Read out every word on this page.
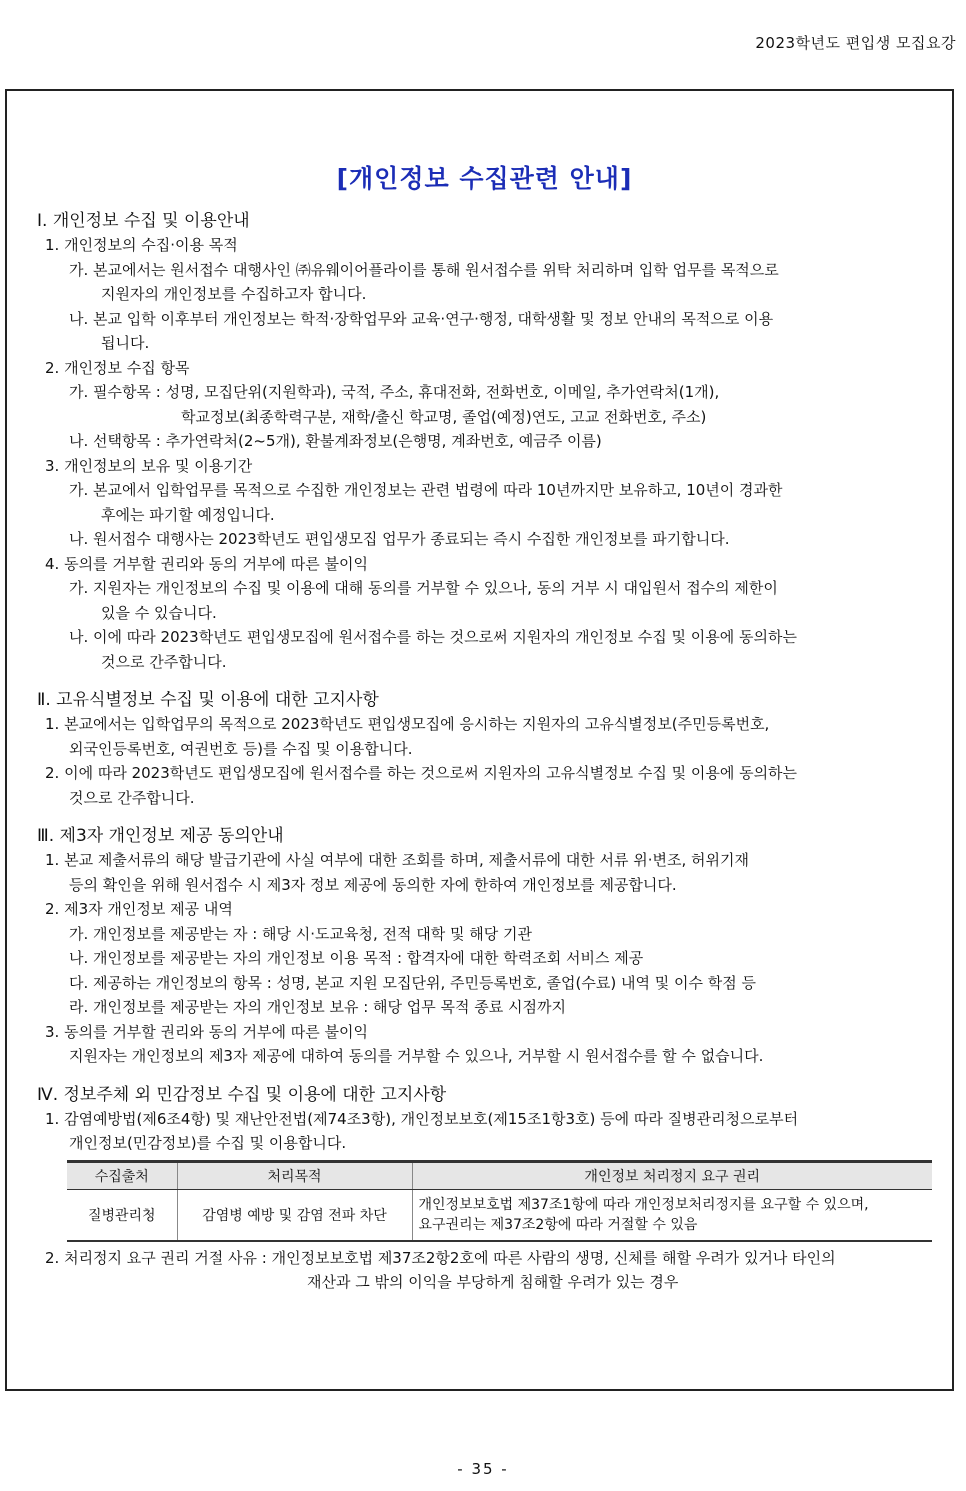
2023학년도 편입생 모집요강
[개인정보 수집관련 안내]

Ⅰ. 개인정보 수집 및 이용안내

1. 개인정보의 수집·이용 목적

가. 본교에서는 원서접수 대행사인 ㈜유웨이어플라이를 통해 원서접수를 위탁 처리하며 입학 업무를 목적으로

지원자의 개인정보를 수집하고자 합니다.

나. 본교 입학 이후부터 개인정보는 학적·장학업무와 교육·연구·행정, 대학생활 및 정보 안내의 목적으로 이용

됩니다.

2. 개인정보 수집 항목

가. 필수항목 : 성명, 모집단위(지원학과), 국적, 주소, 휴대전화, 전화번호, 이메일, 추가연락처(1개),

학교정보(최종학력구분, 재학/출신 학교명, 졸업(예정)연도, 고교 전화번호, 주소)

나. 선택항목 : 추가연락처(2~5개), 환불계좌정보(은행명, 계좌번호, 예금주 이름)

3. 개인정보의 보유 및 이용기간

가. 본교에서 입학업무를 목적으로 수집한 개인정보는 관련 법령에 따라 10년까지만 보유하고, 10년이 경과한

후에는 파기할 예정입니다.

나. 원서접수 대행사는 2023학년도 편입생모집 업무가 종료되는 즉시 수집한 개인정보를 파기합니다.

4. 동의를 거부할 권리와 동의 거부에 따른 불이익

가. 지원자는 개인정보의 수집 및 이용에 대해 동의를 거부할 수 있으나, 동의 거부 시 대입원서 접수의 제한이

있을 수 있습니다.

나. 이에 따라 2023학년도 편입생모집에 원서접수를 하는 것으로써 지원자의 개인정보 수집 및 이용에 동의하는

것으로 간주합니다.

Ⅱ. 고유식별정보 수집 및 이용에 대한 고지사항

1. 본교에서는 입학업무의 목적으로 2023학년도 편입생모집에 응시하는 지원자의 고유식별정보(주민등록번호,

외국인등록번호, 여권번호 등)를 수집 및 이용합니다.

2. 이에 따라 2023학년도 편입생모집에 원서접수를 하는 것으로써 지원자의 고유식별정보 수집 및 이용에 동의하는

것으로 간주합니다.

Ⅲ. 제3자 개인정보 제공 동의안내

1. 본교 제출서류의 해당 발급기관에 사실 여부에 대한 조회를 하며, 제출서류에 대한 서류 위·변조, 허위기재

등의 확인을 위해 원서접수 시 제3자 정보 제공에 동의한 자에 한하여 개인정보를 제공합니다.

2. 제3자 개인정보 제공 내역

가. 개인정보를 제공받는 자 : 해당 시·도교육청, 전적 대학 및 해당 기관

나. 개인정보를 제공받는 자의 개인정보 이용 목적 : 합격자에 대한 학력조회 서비스 제공

다. 제공하는 개인정보의 항목 : 성명, 본교 지원 모집단위, 주민등록번호, 졸업(수료) 내역 및 이수 학점 등

라. 개인정보를 제공받는 자의 개인정보 보유 : 해당 업무 목적 종료 시점까지

3. 동의를 거부할 권리와 동의 거부에 따른 불이익

지원자는 개인정보의 제3자 제공에 대하여 동의를 거부할 수 있으나, 거부할 시 원서접수를 할 수 없습니다.

Ⅳ. 정보주체 외 민감정보 수집 및 이용에 대한 고지사항

1. 감염예방법(제6조4항) 및 재난안전법(제74조3항), 개인정보보호(제15조1항3호) 등에 따라 질병관리청으로부터

개인정보(민감정보)를 수집 및 이용합니다.

수집출처	처리목적	개인정보 처리정지 요구 권리
질병관리청	감염병 예방 및 감염 전파 차단	개인정보보호법 제37조1항에 따라 개인정보처리정지를 요구할 수 있으며,
요구권리는 제37조2항에 따라 거절할 수 있음

2. 처리정지 요구 권리 거절 사유 : 개인정보보호법 제37조2항2호에 따른 사람의 생명, 신체를 해할 우려가 있거나 타인의

재산과 그 밖의 이익을 부당하게 침해할 우려가 있는 경우

- 35 -
